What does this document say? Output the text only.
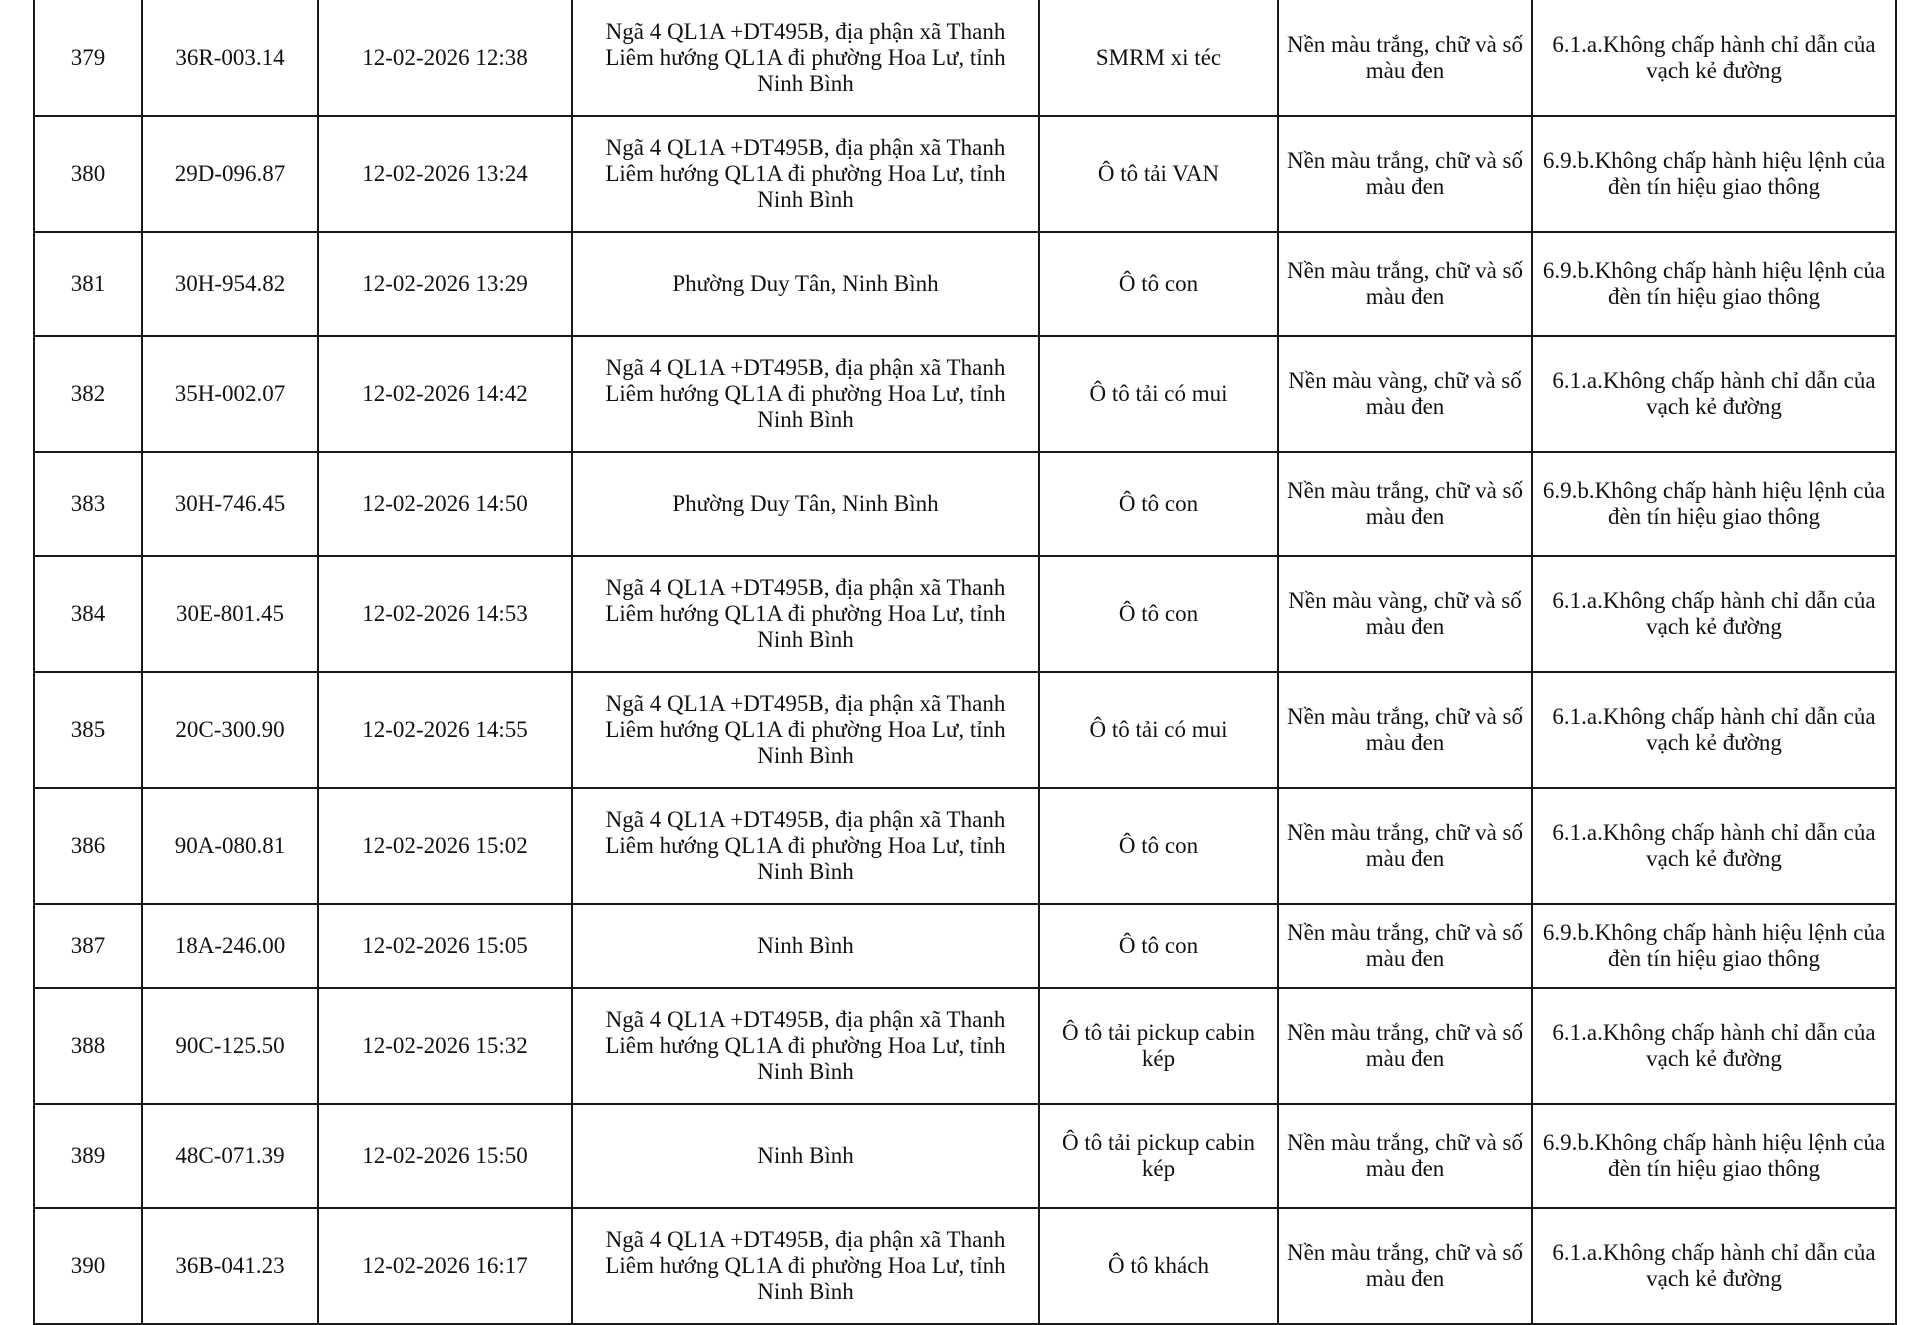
379	36R-003.14	12-02-2026 12:38	Ngã 4 QL1A +DT495B, địa phận xã Thanh
Liêm hướng QL1A đi phường Hoa Lư, tỉnh
Ninh Bình	SMRM xi téc	Nền màu trắng, chữ và số
màu đen	6.1.a.Không chấp hành chỉ dẫn của
vạch kẻ đường
380	29D-096.87	12-02-2026 13:24	Ngã 4 QL1A +DT495B, địa phận xã Thanh
Liêm hướng QL1A đi phường Hoa Lư, tỉnh
Ninh Bình	Ô tô tải VAN	Nền màu trắng, chữ và số
màu đen	6.9.b.Không chấp hành hiệu lệnh của
đèn tín hiệu giao thông
381	30H-954.82	12-02-2026 13:29	Phường Duy Tân, Ninh Bình	Ô tô con	Nền màu trắng, chữ và số
màu đen	6.9.b.Không chấp hành hiệu lệnh của
đèn tín hiệu giao thông
382	35H-002.07	12-02-2026 14:42	Ngã 4 QL1A +DT495B, địa phận xã Thanh
Liêm hướng QL1A đi phường Hoa Lư, tỉnh
Ninh Bình	Ô tô tải có mui	Nền màu vàng, chữ và số
màu đen	6.1.a.Không chấp hành chỉ dẫn của
vạch kẻ đường
383	30H-746.45	12-02-2026 14:50	Phường Duy Tân, Ninh Bình	Ô tô con	Nền màu trắng, chữ và số
màu đen	6.9.b.Không chấp hành hiệu lệnh của
đèn tín hiệu giao thông
384	30E-801.45	12-02-2026 14:53	Ngã 4 QL1A +DT495B, địa phận xã Thanh
Liêm hướng QL1A đi phường Hoa Lư, tỉnh
Ninh Bình	Ô tô con	Nền màu vàng, chữ và số
màu đen	6.1.a.Không chấp hành chỉ dẫn của
vạch kẻ đường
385	20C-300.90	12-02-2026 14:55	Ngã 4 QL1A +DT495B, địa phận xã Thanh
Liêm hướng QL1A đi phường Hoa Lư, tỉnh
Ninh Bình	Ô tô tải có mui	Nền màu trắng, chữ và số
màu đen	6.1.a.Không chấp hành chỉ dẫn của
vạch kẻ đường
386	90A-080.81	12-02-2026 15:02	Ngã 4 QL1A +DT495B, địa phận xã Thanh
Liêm hướng QL1A đi phường Hoa Lư, tỉnh
Ninh Bình	Ô tô con	Nền màu trắng, chữ và số
màu đen	6.1.a.Không chấp hành chỉ dẫn của
vạch kẻ đường
387	18A-246.00	12-02-2026 15:05	Ninh Bình	Ô tô con	Nền màu trắng, chữ và số
màu đen	6.9.b.Không chấp hành hiệu lệnh của
đèn tín hiệu giao thông
388	90C-125.50	12-02-2026 15:32	Ngã 4 QL1A +DT495B, địa phận xã Thanh
Liêm hướng QL1A đi phường Hoa Lư, tỉnh
Ninh Bình	Ô tô tải pickup cabin
kép	Nền màu trắng, chữ và số
màu đen	6.1.a.Không chấp hành chỉ dẫn của
vạch kẻ đường
389	48C-071.39	12-02-2026 15:50	Ninh Bình	Ô tô tải pickup cabin
kép	Nền màu trắng, chữ và số
màu đen	6.9.b.Không chấp hành hiệu lệnh của
đèn tín hiệu giao thông
390	36B-041.23	12-02-2026 16:17	Ngã 4 QL1A +DT495B, địa phận xã Thanh
Liêm hướng QL1A đi phường Hoa Lư, tỉnh
Ninh Bình	Ô tô khách	Nền màu trắng, chữ và số
màu đen	6.1.a.Không chấp hành chỉ dẫn của
vạch kẻ đường
